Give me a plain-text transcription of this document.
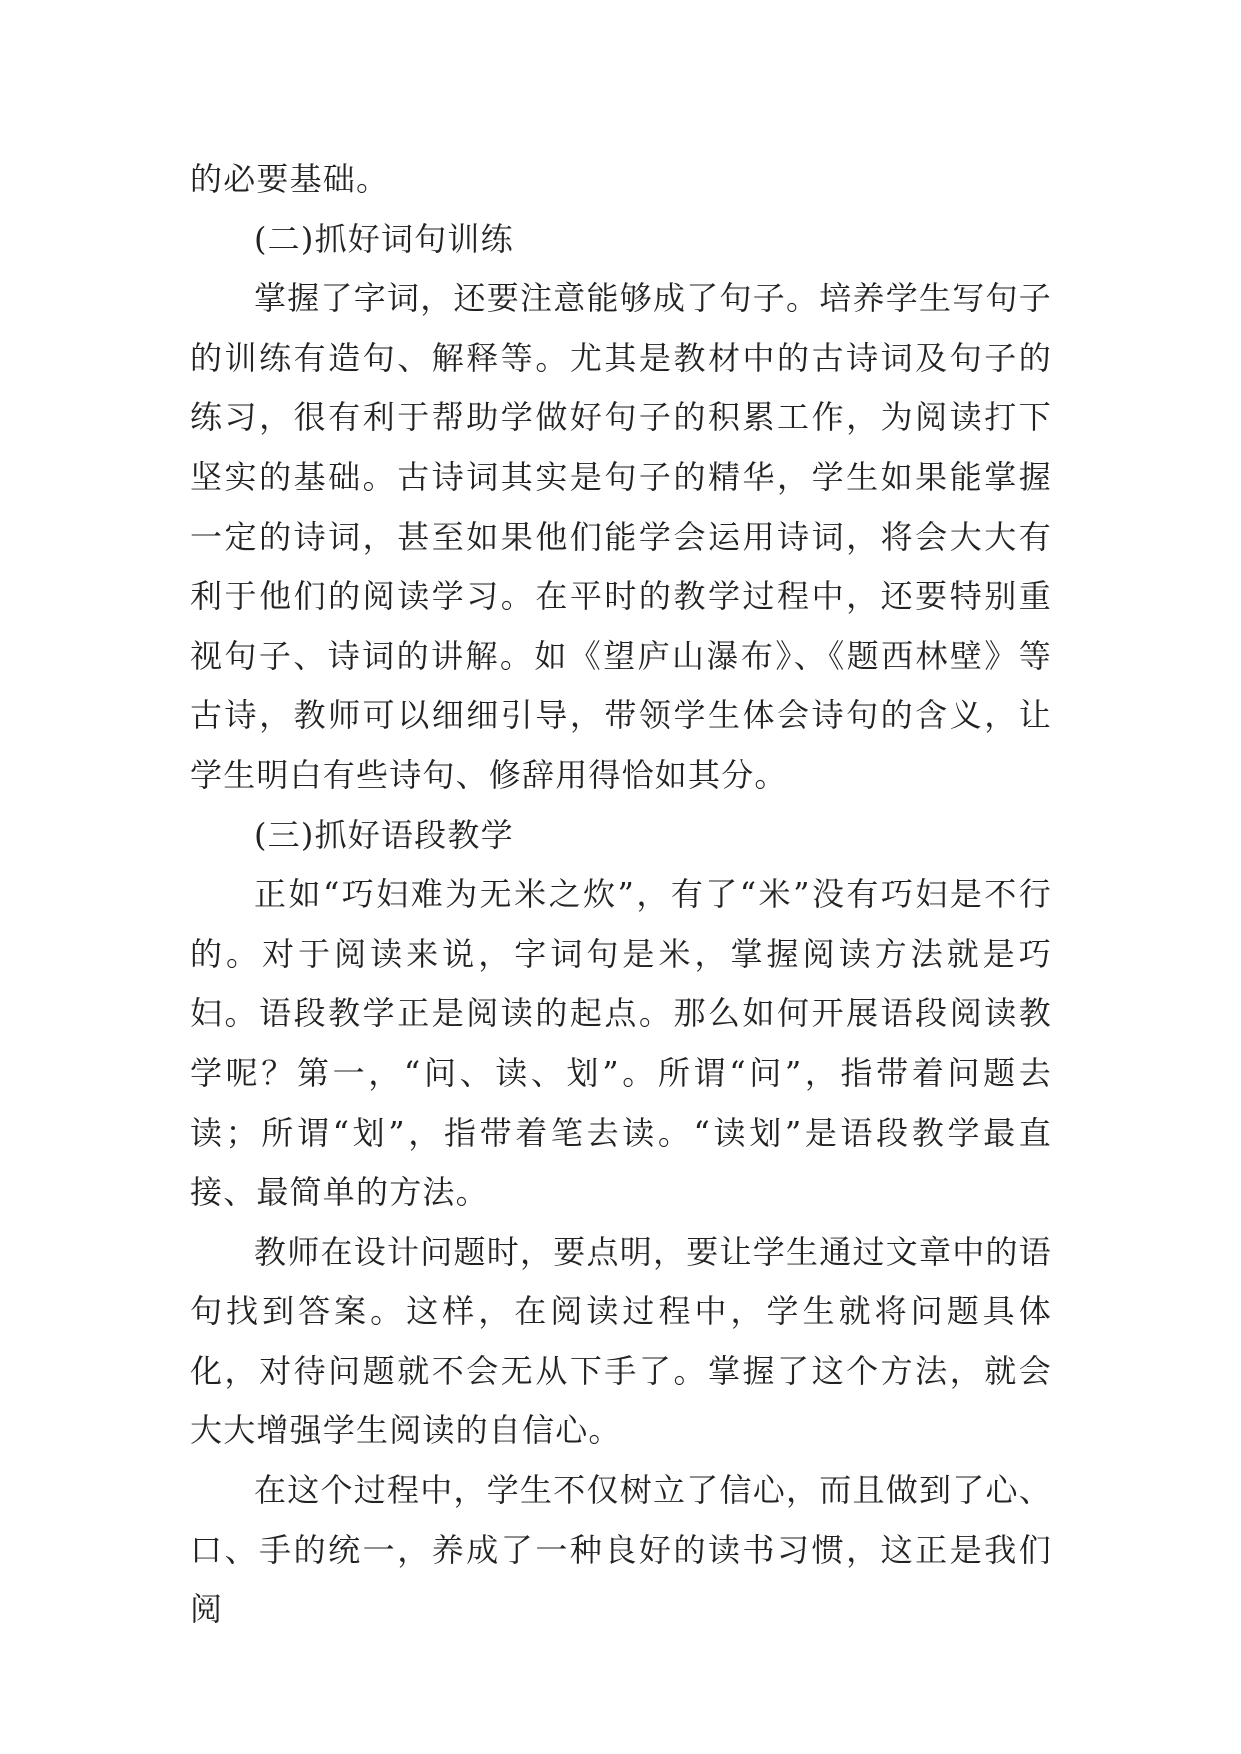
的必要基础。

(二)抓好词句训练

掌握了字词，还要注意能够成了句子。培养学生写句子的训练有造句、解释等。尤其是教材中的古诗词及句子的练习，很有利于帮助学做好句子的积累工作，为阅读打下坚实的基础。古诗词其实是句子的精华，学生如果能掌握一定的诗词，甚至如果他们能学会运用诗词，将会大大有利于他们的阅读学习。在平时的教学过程中，还要特别重视句子、诗词的讲解。如《望庐山瀑布》、《题西林壁》等古诗，教师可以细细引导，带领学生体会诗句的含义，让学生明白有些诗句、修辞用得恰如其分。

(三)抓好语段教学

正如“巧妇难为无米之炊”，有了“米”没有巧妇是不行的。对于阅读来说，字词句是米，掌握阅读方法就是巧妇。语段教学正是阅读的起点。那么如何开展语段阅读教学呢？第一，“问、读、划”。所谓“问”，指带着问题去读；所谓“划”，指带着笔去读。“读划”是语段教学最直接、最简单的方法。

教师在设计问题时，要点明，要让学生通过文章中的语句找到答案。这样，在阅读过程中，学生就将问题具体化，对待问题就不会无从下手了。掌握了这个方法，就会大大增强学生阅读的自信心。

在这个过程中，学生不仅树立了信心，而且做到了心、口、手的统一，养成了一种良好的读书习惯，这正是我们阅
